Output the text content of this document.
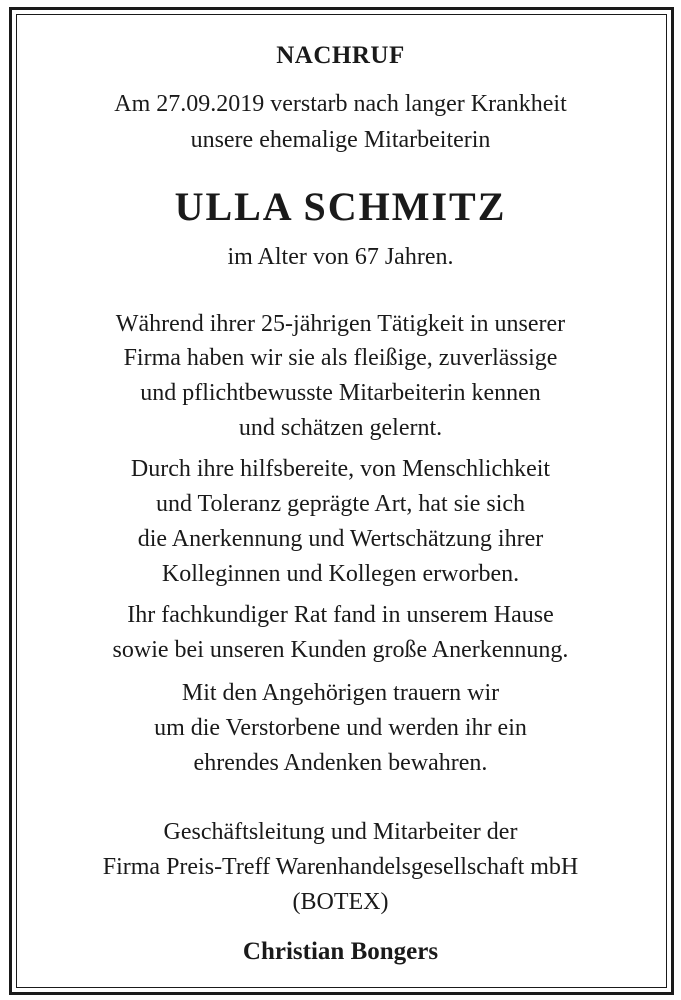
NACHRUF
Am 27.09.2019 verstarb nach langer Krankheit
unsere ehemalige Mitarbeiterin
ULLA SCHMITZ
im Alter von 67 Jahren.
Während ihrer 25-jährigen Tätigkeit in unserer
Firma haben wir sie als fleißige, zuverlässige
und pflichtbewusste Mitarbeiterin kennen
und schätzen gelernt.
Durch ihre hilfsbereite, von Menschlichkeit
und Toleranz geprägte Art, hat sie sich
die Anerkennung und Wertschätzung ihrer
Kolleginnen und Kollegen erworben.
Ihr fachkundiger Rat fand in unserem Hause
sowie bei unseren Kunden große Anerkennung.
Mit den Angehörigen trauern wir
um die Verstorbene und werden ihr ein
ehrendes Andenken bewahren.
Geschäftsleitung und Mitarbeiter der
Firma Preis-Treff Warenhandelsgesellschaft mbH
(BOTEX)
Christian Bongers
